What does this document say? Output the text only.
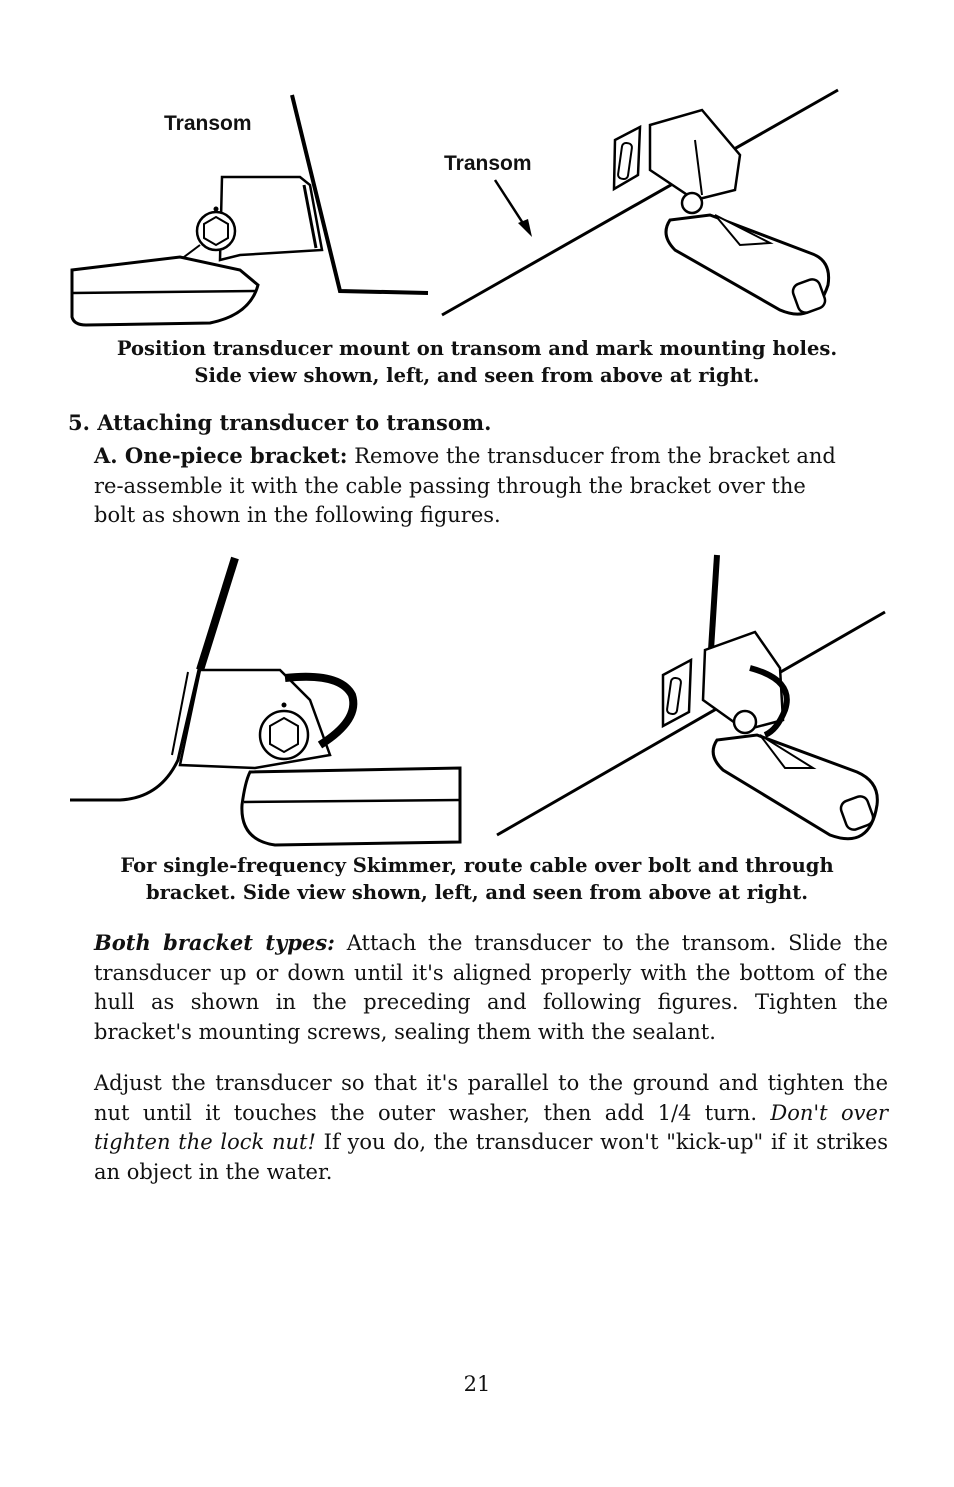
Transom
Transom
Position transducer mount on transom and mark mounting holes.
Side view shown, left, and seen from above at right.
5. Attaching transducer to transom.
A. One-piece bracket: Remove the transducer from the bracket and
re-assemble it with the cable passing through the bracket over the
bolt as shown in the following figures.
For single-frequency Skimmer, route cable over bolt and through
bracket. Side view shown, left, and seen from above at right.

Both bracket types: Attach the transducer to the transom. Slide the transducer up or down until it's aligned properly with the bottom of the hull as shown in the preceding and following figures. Tighten the bracket's mounting screws, sealing them with the sealant.

Adjust the transducer so that it's parallel to the ground and tighten the nut until it touches the outer washer, then add 1/4 turn. Don't over tighten the lock nut! If you do, the transducer won't "kick-up" if it strikes an object in the water.

21
